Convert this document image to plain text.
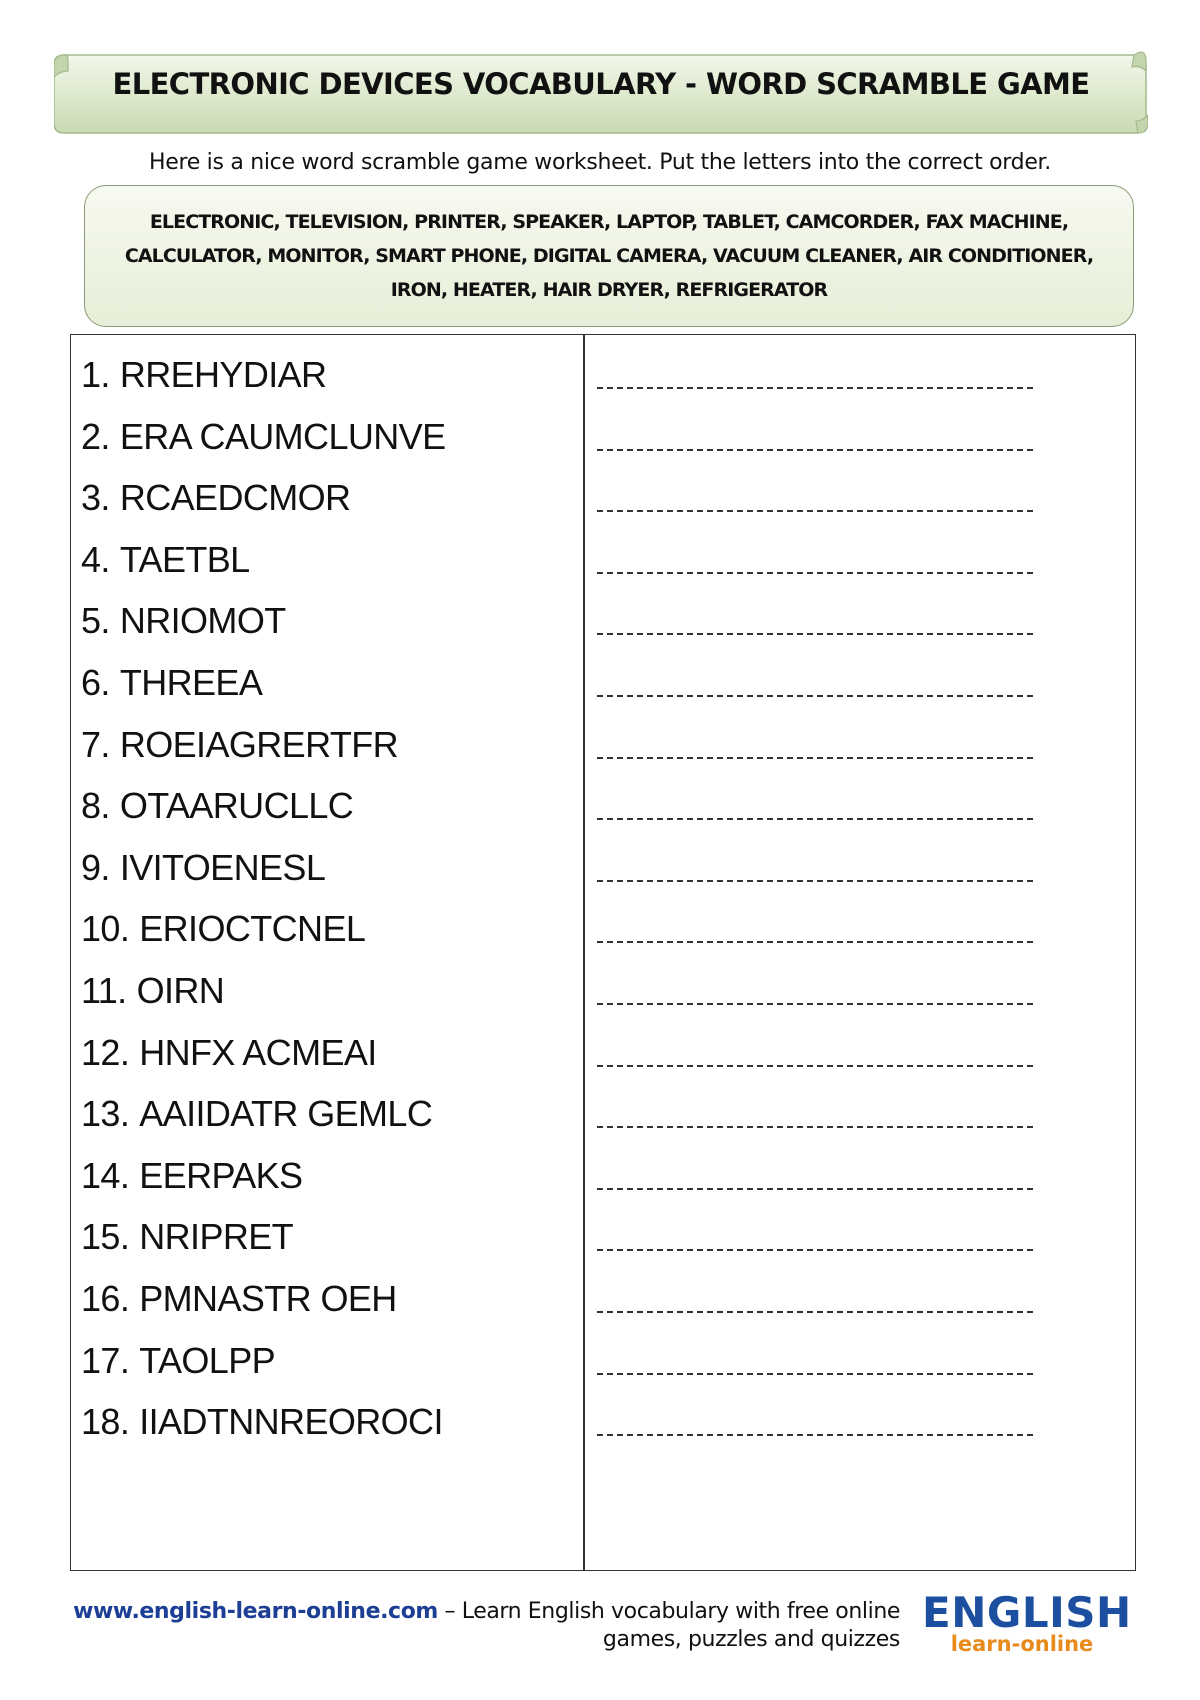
ELECTRONIC DEVICES VOCABULARY - WORD SCRAMBLE GAME
Here is a nice word scramble game worksheet. Put the letters into the correct order.
ELECTRONIC, TELEVISION, PRINTER, SPEAKER, LAPTOP, TABLET, CAMCORDER, FAX MACHINE, CALCULATOR, MONITOR, SMART PHONE, DIGITAL CAMERA, VACUUM CLEANER, AIR CONDITIONER, IRON, HEATER, HAIR DRYER, REFRIGERATOR
1. RREHYDIAR
2. ERA CAUMCLUNVE
3. RCAEDCMOR
4. TAETBL
5. NRIOMOT
6. THREEA
7. ROEIAGRERTFR
8. OTAARUCLLC
9. IVITOENESL
10. ERIOCTCNEL
11. OIRN
12. HNFX ACMEAI
13. AAIIDATR GEMLC
14. EERPAKS
15. NRIPRET
16. PMNASTR OEH
17. TAOLPP
18. IIADTNNREOROCI
www.english-learn-online.com – Learn English vocabulary with free online
games, puzzles and quizzes
ENGLISH
learn-online
